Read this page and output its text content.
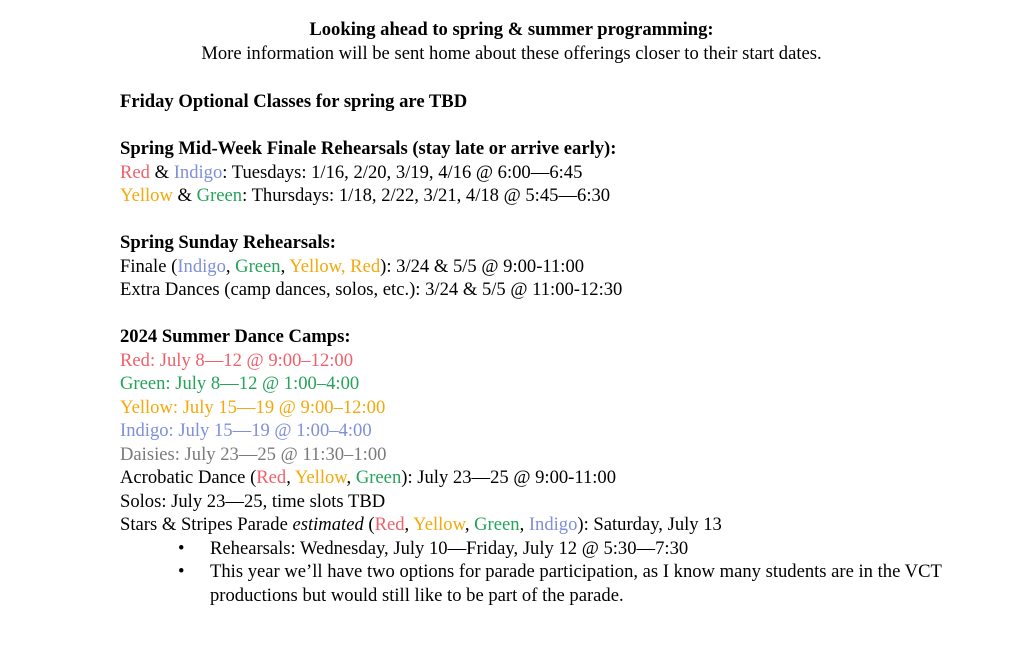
Looking ahead to spring & summer programming:
More information will be sent home about these offerings closer to their start dates.
Friday Optional Classes for spring are TBD
Spring Mid-Week Finale Rehearsals (stay late or arrive early):
Red & Indigo: Tuesdays: 1/16, 2/20, 3/19, 4/16 @ 6:00—6:45
Yellow & Green: Thursdays: 1/18, 2/22, 3/21, 4/18 @ 5:45—6:30
Spring Sunday Rehearsals:
Finale (Indigo, Green, Yellow, Red): 3/24 & 5/5 @ 9:00-11:00
Extra Dances (camp dances, solos, etc.): 3/24 & 5/5 @ 11:00-12:30
2024 Summer Dance Camps:
Red: July 8—12 @ 9:00–12:00
Green: July 8—12 @ 1:00–4:00
Yellow: July 15—19 @ 9:00–12:00
Indigo: July 15—19 @ 1:00–4:00
Daisies: July 23—25 @ 11:30–1:00
Acrobatic Dance (Red, Yellow, Green): July 23—25 @ 9:00-11:00
Solos: July 23—25, time slots TBD
Stars & Stripes Parade estimated (Red, Yellow, Green, Indigo): Saturday, July 13
• Rehearsals: Wednesday, July 10—Friday, July 12 @ 5:30—7:30
• This year we’ll have two options for parade participation, as I know many students are in the VCT productions but would still like to be part of the parade.
